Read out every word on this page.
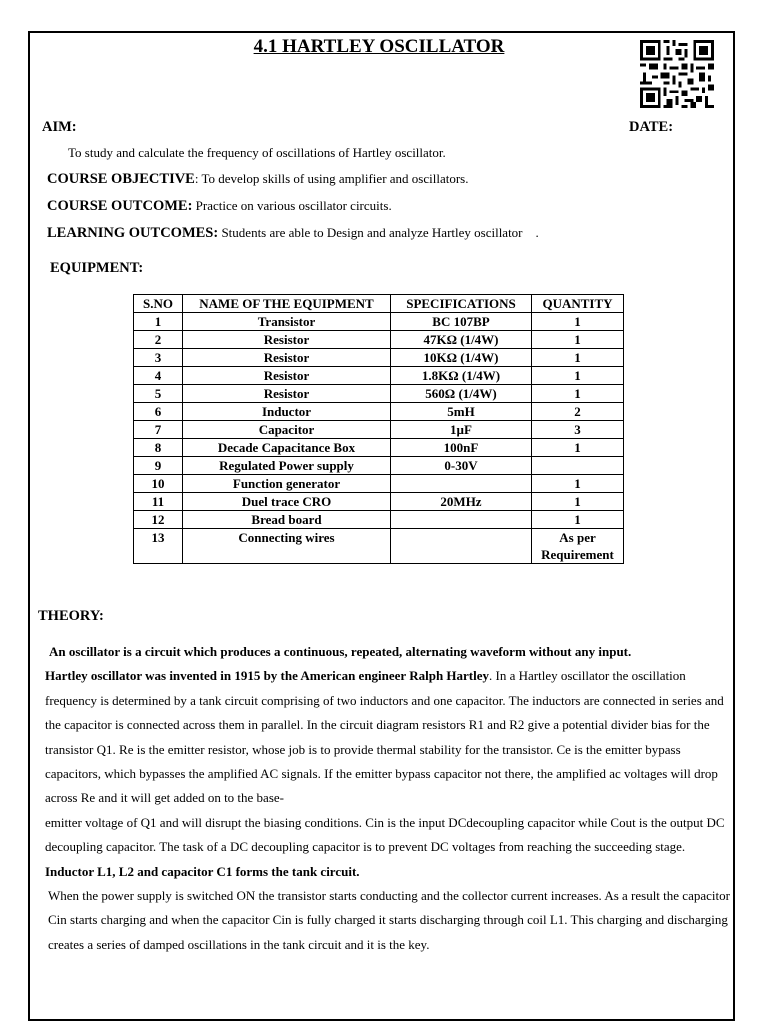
4.1 HARTLEY OSCILLATOR
AIM:	DATE:
To study and calculate the frequency of oscillations of Hartley oscillator.
COURSE OBJECTIVE: To develop skills of using amplifier and oscillators.
COURSE OUTCOME: Practice on various oscillator circuits.
LEARNING OUTCOMES: Students are able to Design and analyze Hartley oscillator    .
EQUIPMENT:
S.NO	NAME OF THE EQUIPMENT	SPECIFICATIONS	QUANTITY
1	Transistor	BC 107BP	1
2	Resistor	47KΩ (1/4W)	1
3	Resistor	10KΩ (1/4W)	1
4	Resistor	1.8KΩ (1/4W)	1
5	Resistor	560Ω (1/4W)	1
6	Inductor	5mH	2
7	Capacitor	1µF	3
8	Decade Capacitance Box	100nF	1
9	Regulated Power supply	0-30V	
10	Function generator		1
11	Duel trace CRO	20MHz	1
12	Bread board		1
13	Connecting wires		As per Requirement
THEORY:

An oscillator is a circuit which produces a continuous, repeated, alternating waveform without any input.

Hartley oscillator was invented in 1915 by the American engineer Ralph Hartley. In a Hartley oscillator the oscillation frequency is determined by a tank circuit comprising of two inductors and one capacitor. The inductors are connected in series and the capacitor is connected across them in parallel. In the circuit diagram resistors R1 and R2 give a potential divider bias for the transistor Q1. Re is the emitter resistor, whose job is to provide thermal stability for the transistor. Ce is the emitter bypass capacitors, which bypasses the amplified AC signals. If the emitter bypass capacitor not there, the amplified ac voltages will drop across Re and it will get added on to the base-

emitter voltage of Q1 and will disrupt the biasing conditions. Cin is the input DCdecoupling capacitor while Cout is the output DC decoupling capacitor. The task of a DC decoupling capacitor is to prevent DC voltages from reaching the succeeding stage. Inductor L1, L2 and capacitor C1 forms the tank circuit.

When the power supply is switched ON the transistor starts conducting and the collector current increases. As a result the capacitor Cin starts charging and when the capacitor Cin is fully charged it starts discharging through coil L1. This charging and discharging creates a series of damped oscillations in the tank circuit and it is the key.
